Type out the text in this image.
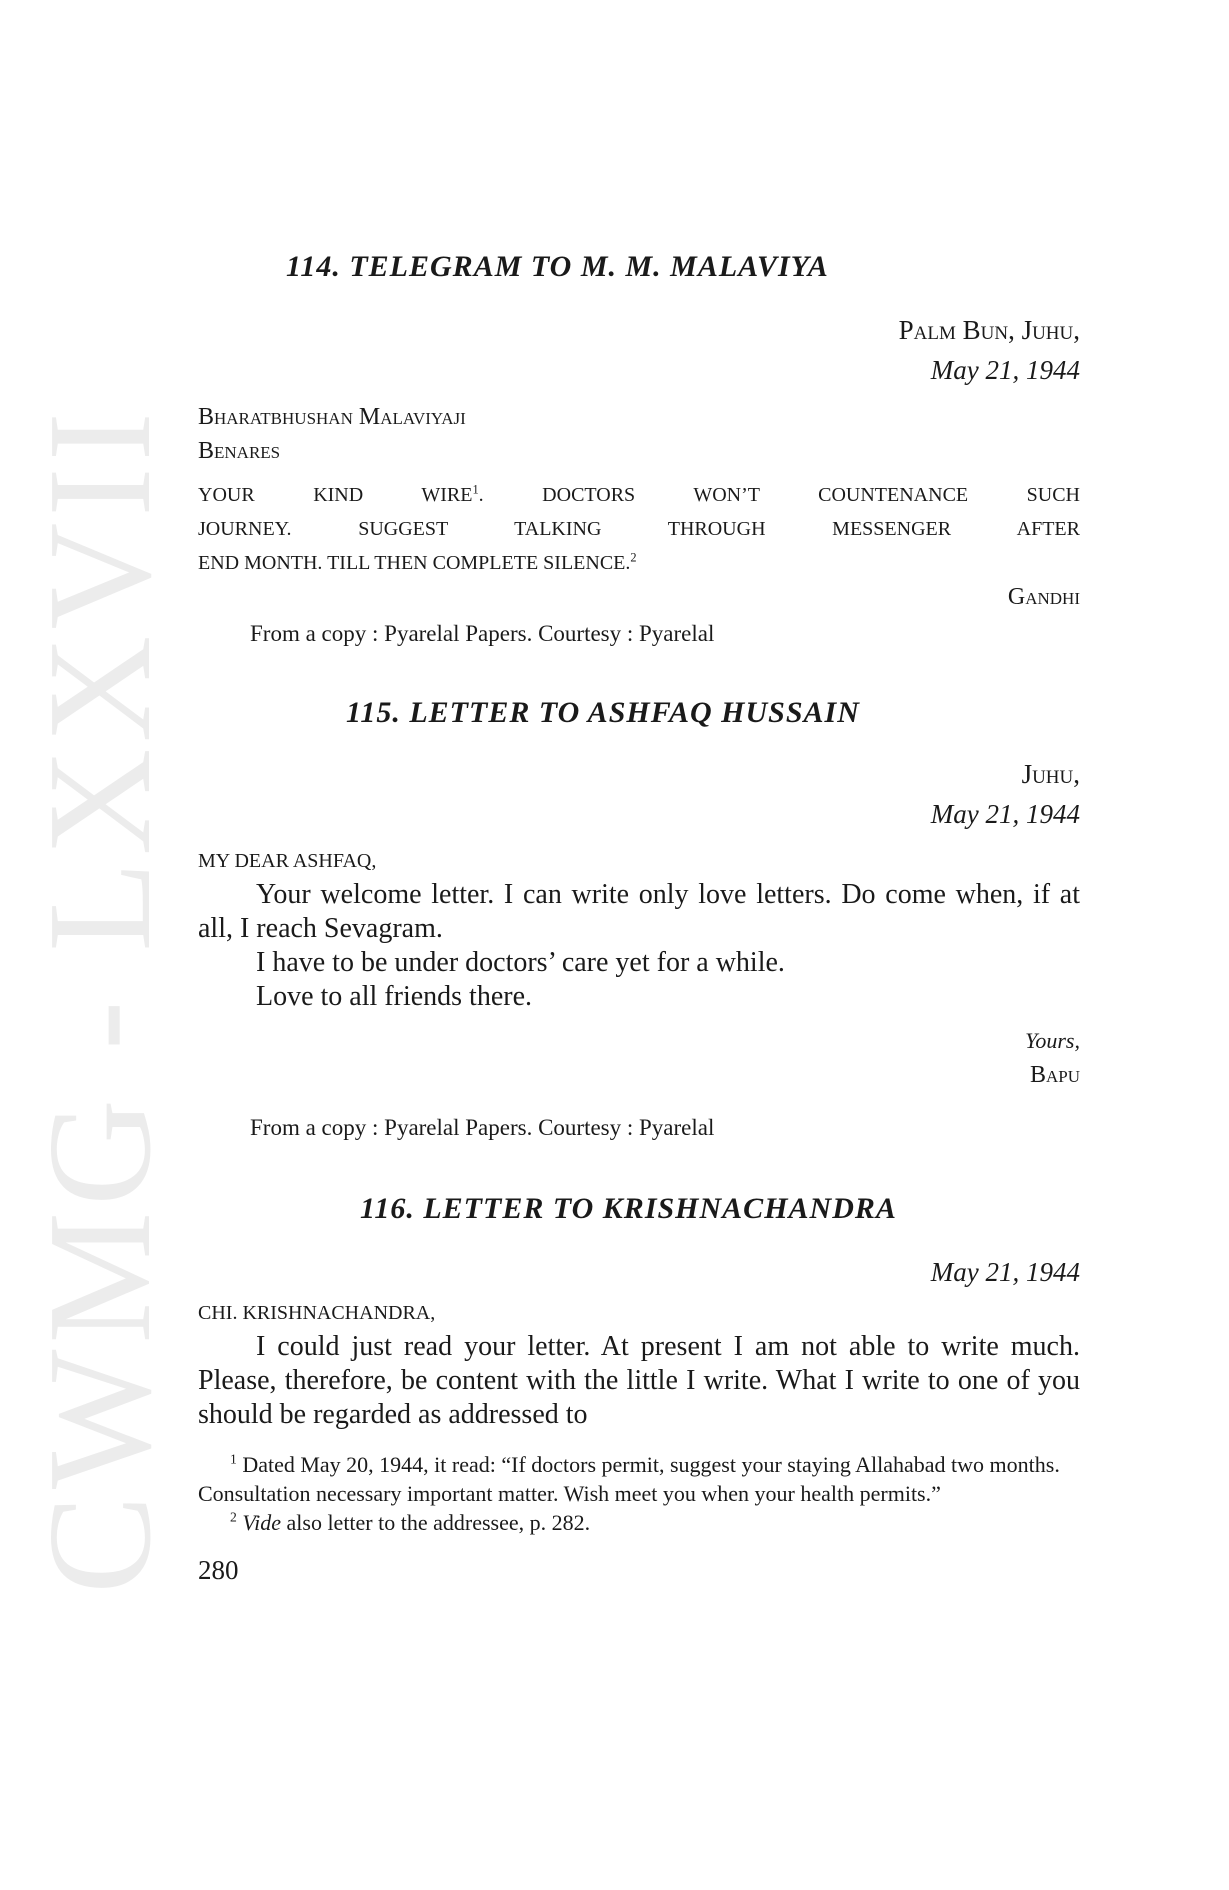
CWMG - LXXVII
114. TELEGRAM TO M. M. MALAVIYA
Palm Bun, Juhu,
May 21, 1944
Bharatbhushan Malaviyaji
Benares
YOUR KIND WIRE$^1$. DOCTORS WON’T COUNTENANCE SUCH
JOURNEY. SUGGEST TALKING THROUGH MESSENGER AFTER
END MONTH. TILL THEN COMPLETE SILENCE.$^2$
Gandhi
From a copy : Pyarelal Papers. Courtesy : Pyarelal
115. LETTER TO ASHFAQ HUSSAIN
Juhu,
May 21, 1944
MY DEAR ASHFAQ,

Your welcome letter. I can write only love letters. Do come when, if at all, I reach Sevagram.

I have to be under doctors’ care yet for a while.

Love to all friends there.

Yours,
Bapu
From a copy : Pyarelal Papers. Courtesy : Pyarelal
116. LETTER TO KRISHNACHANDRA
May 21, 1944
CHI. KRISHNACHANDRA,

I could just read your letter. At present I am not able to write much. Please, therefore, be content with the little I write. What I write to one of you should be regarded as addressed to

$^1$ Dated May 20, 1944, it read: “If doctors permit, suggest your staying Allahabad two months. Consultation necessary important matter. Wish meet you when your health permits.”

$^2$ Vide also letter to the addressee, p. 282.

280
